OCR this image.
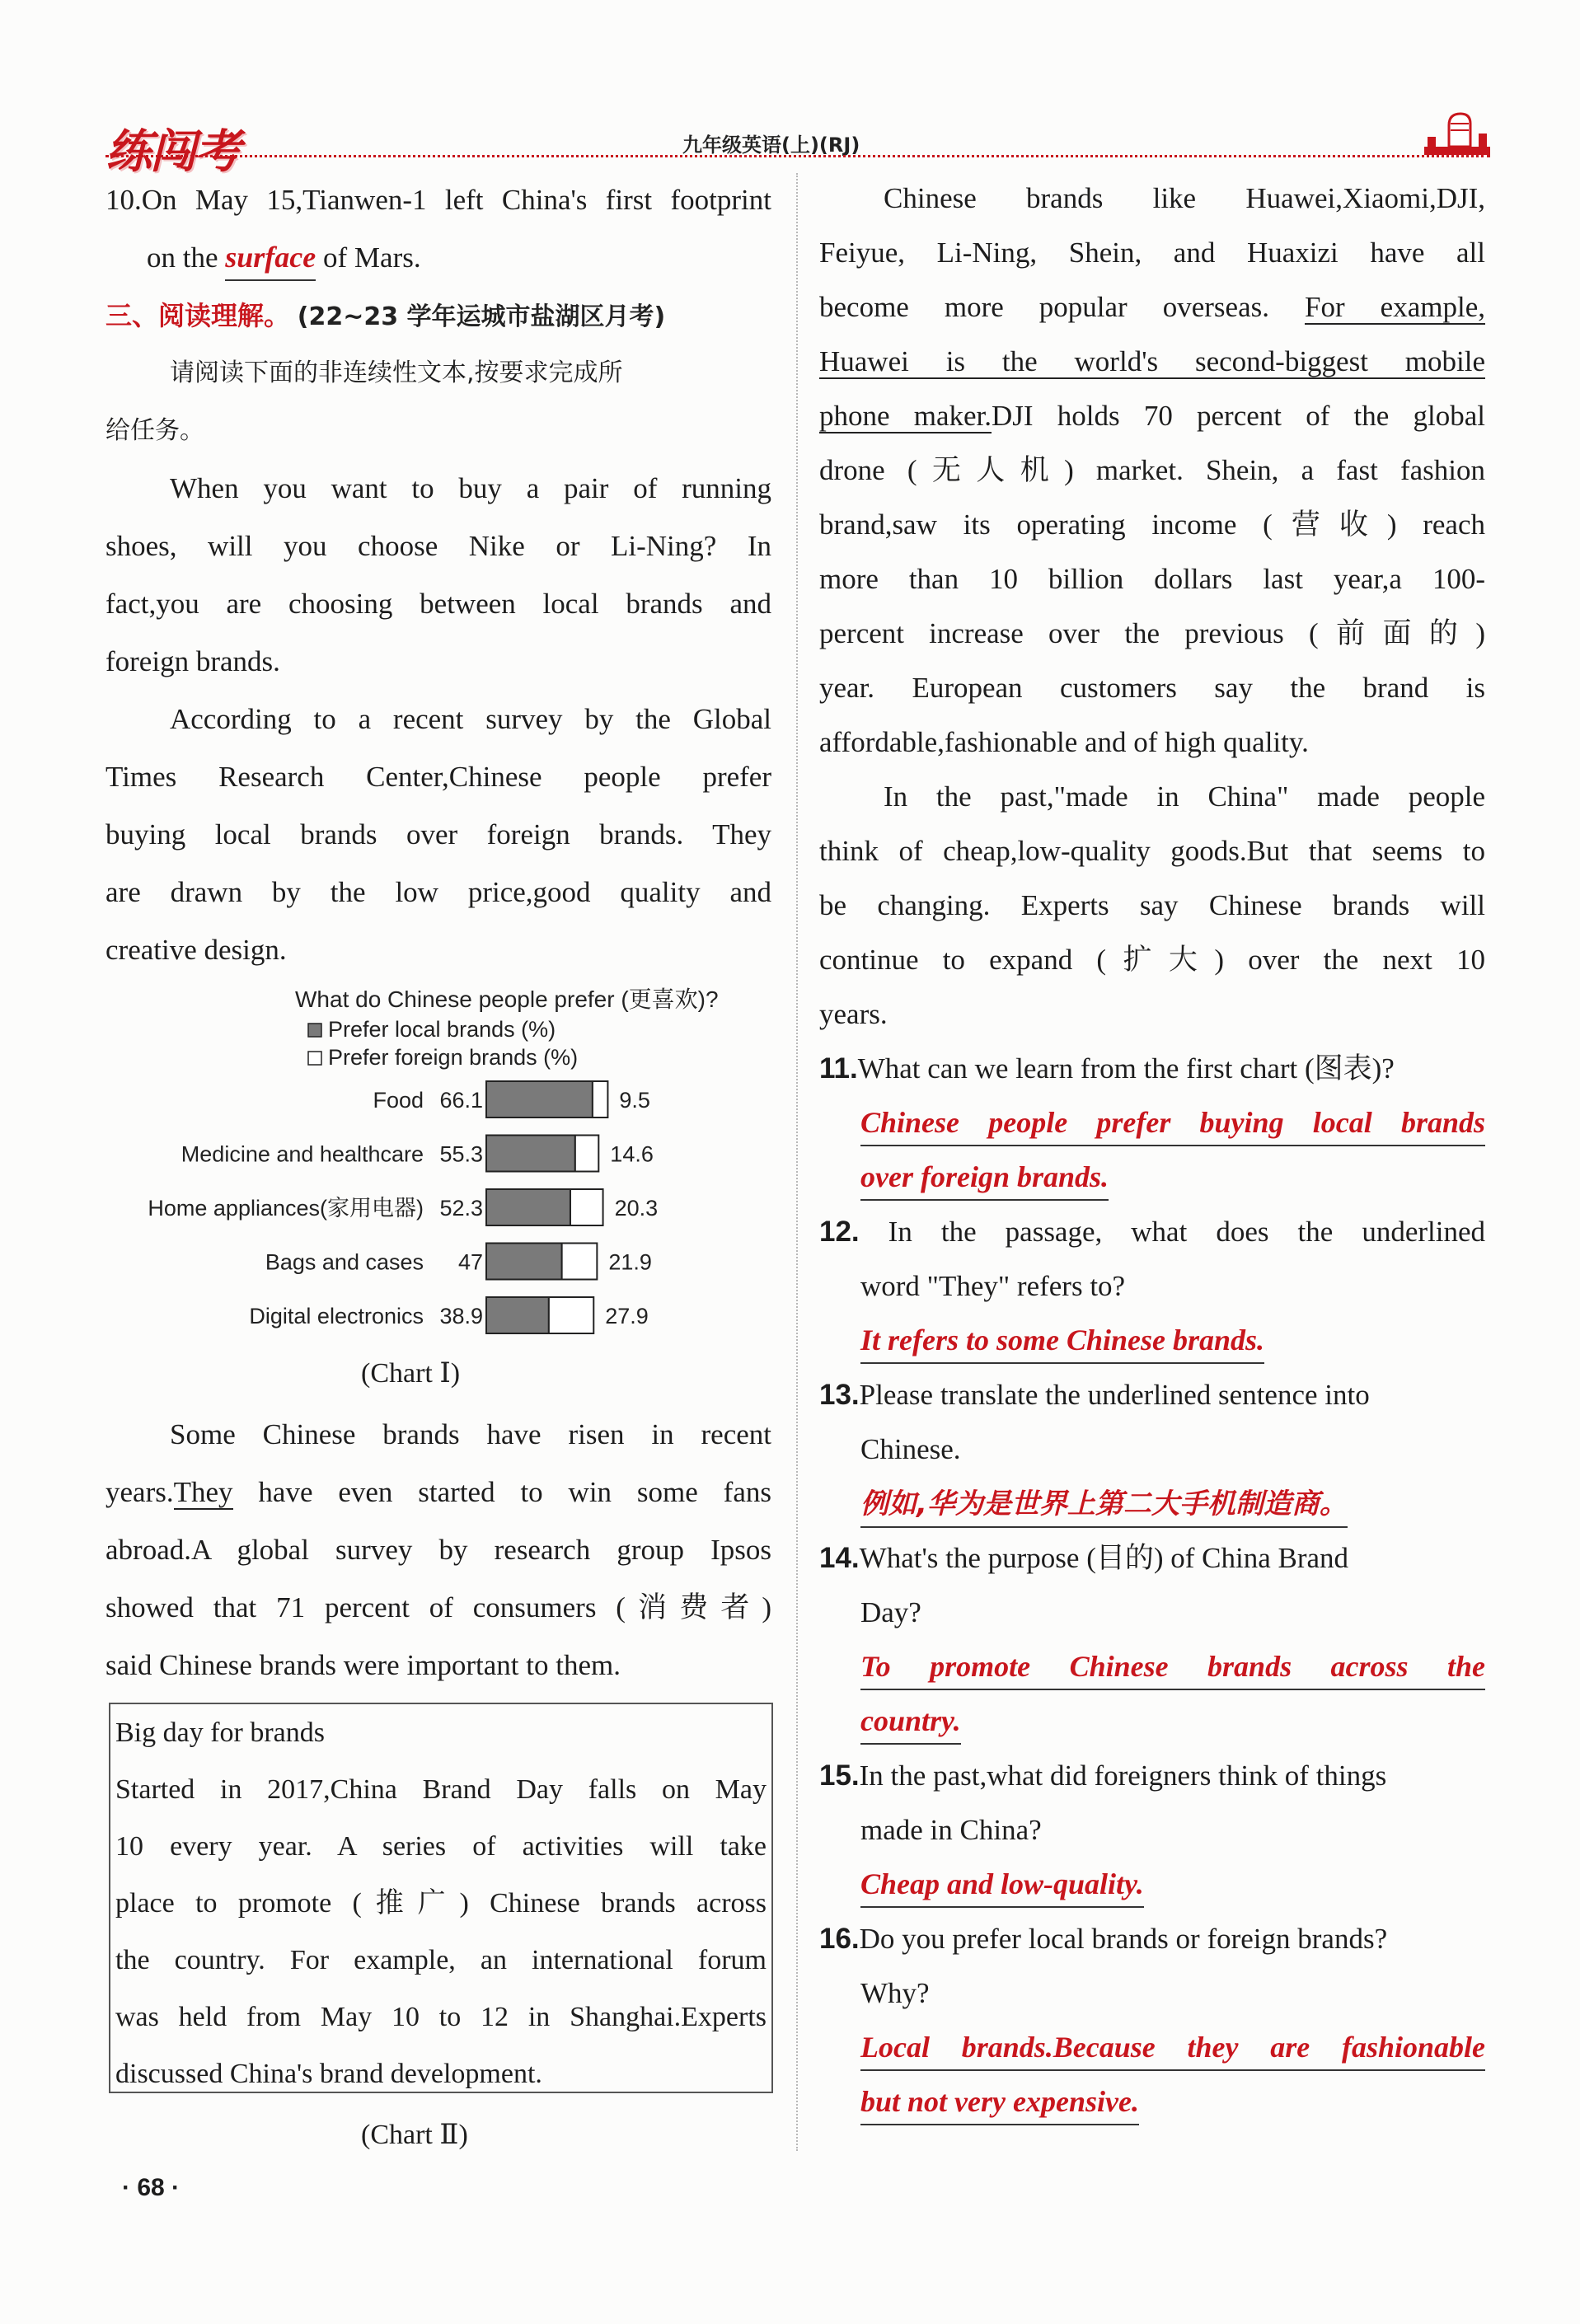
练闯考	九年级英语(上)(RJ)
10.On May 15,Tianwen-1 left China's first footprint
on the surface of Mars.
三、阅读理解。 (22~23 学年运城市盐湖区月考)
请阅读下面的非连续性文本,按要求完成所
给任务。
When you want to buy a pair of running
shoes, will you choose Nike or Li-Ning? In
fact,you are choosing between local brands and
foreign brands.
According to a recent survey by the Global
Times Research Center,Chinese people prefer
buying local brands over foreign brands. They
are drawn by the low price,good quality and
creative design.
What do Chinese people prefer (更喜欢)?
Prefer local brands (%)
Prefer foreign brands (%)
Food 66.1	9.5
Medicine and healthcare 55.3	14.6
Home appliances(家用电器) 52.3	20.3
Bags and cases 47	21.9
Digital electronics 38.9	27.9
(Chart Ⅰ)
Some Chinese brands have risen in recent
years.They have even started to win some fans
abroad.A global survey by research group Ipsos
showed that 71 percent of consumers (消费者)
said Chinese brands were important to them.
Big day for brands
Started in 2017,China Brand Day falls on May
10 every year. A series of activities will take
place to promote (推广) Chinese brands across
the country. For example, an international forum
was held from May 10 to 12 in Shanghai.Experts
discussed China's brand development.
(Chart Ⅱ)
· 68 ·
Chinese brands like Huawei,Xiaomi,DJI,
Feiyue, Li-Ning, Shein, and Huaxizi have all
become more popular overseas. For example,
Huawei is the world's second-biggest mobile
phone maker.DJI holds 70 percent of the global
drone (无人机) market. Shein, a fast fashion
brand,saw its operating income (营收) reach
more than 10 billion dollars last year,a 100-
percent increase over the previous (前面的)
year. European customers say the brand is
affordable,fashionable and of high quality.
In the past,"made in China" made people
think of cheap,low-quality goods.But that seems to
be changing. Experts say Chinese brands will
continue to expand (扩大) over the next 10
years.
11.What can we learn from the first chart (图表)?
Chinese people prefer buying local brands
over foreign brands.
12. In the passage, what does the underlined
word "They" refers to?
It refers to some Chinese brands.
13.Please translate the underlined sentence into
Chinese.
例如,华为是世界上第二大手机制造商。
14.What's the purpose (目的) of China Brand
Day?
To promote Chinese brands across the
country.
15.In the past,what did foreigners think of things
made in China?
Cheap and low-quality.
16.Do you prefer local brands or foreign brands?
Why?
Local brands.Because they are fashionable
but not very expensive.
